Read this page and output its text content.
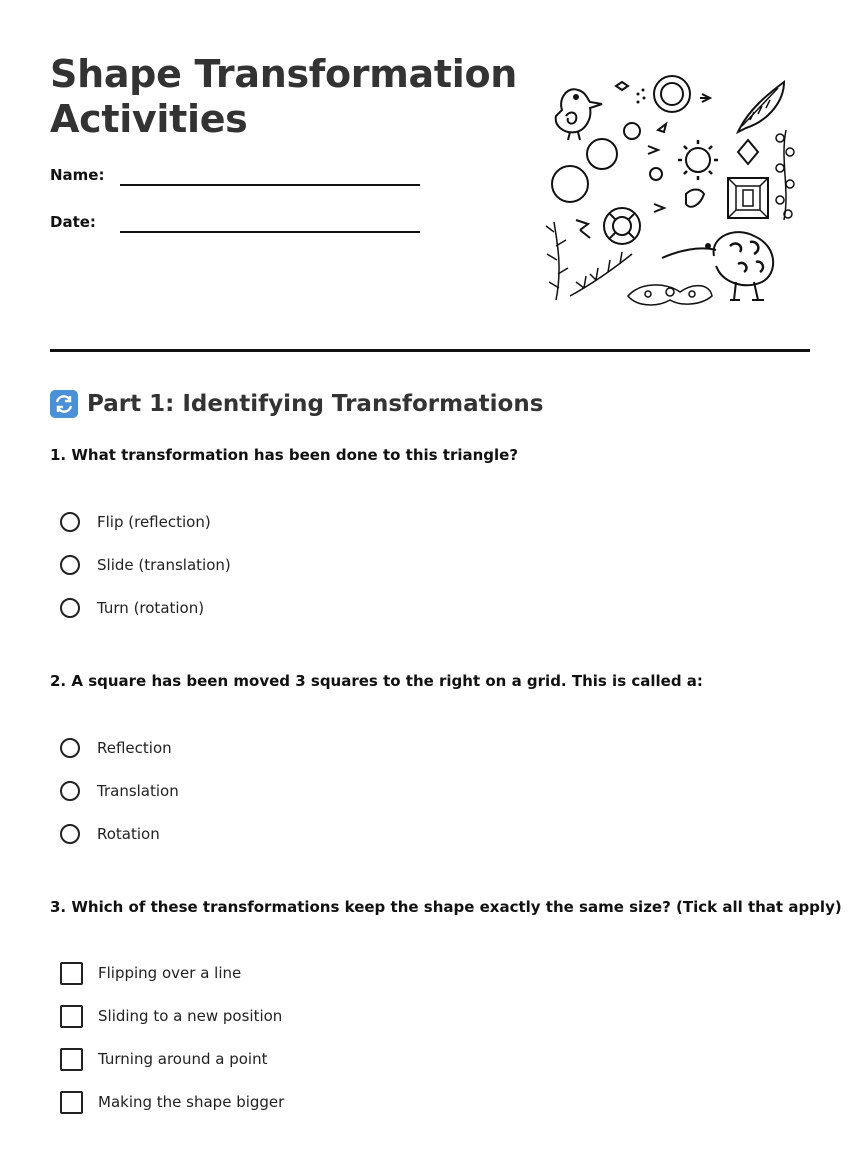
Shape Transformation
Activities
Name:
Date:
Part 1: Identifying Transformations

1. What transformation has been done to this triangle?

Flip (reflection)
Slide (translation)
Turn (rotation)

2. A square has been moved 3 squares to the right on a grid. This is called a:

Reflection
Translation
Rotation

3. Which of these transformations keep the shape exactly the same size? (Tick all that apply)

Flipping over a line
Sliding to a new position
Turning around a point
Making the shape bigger
